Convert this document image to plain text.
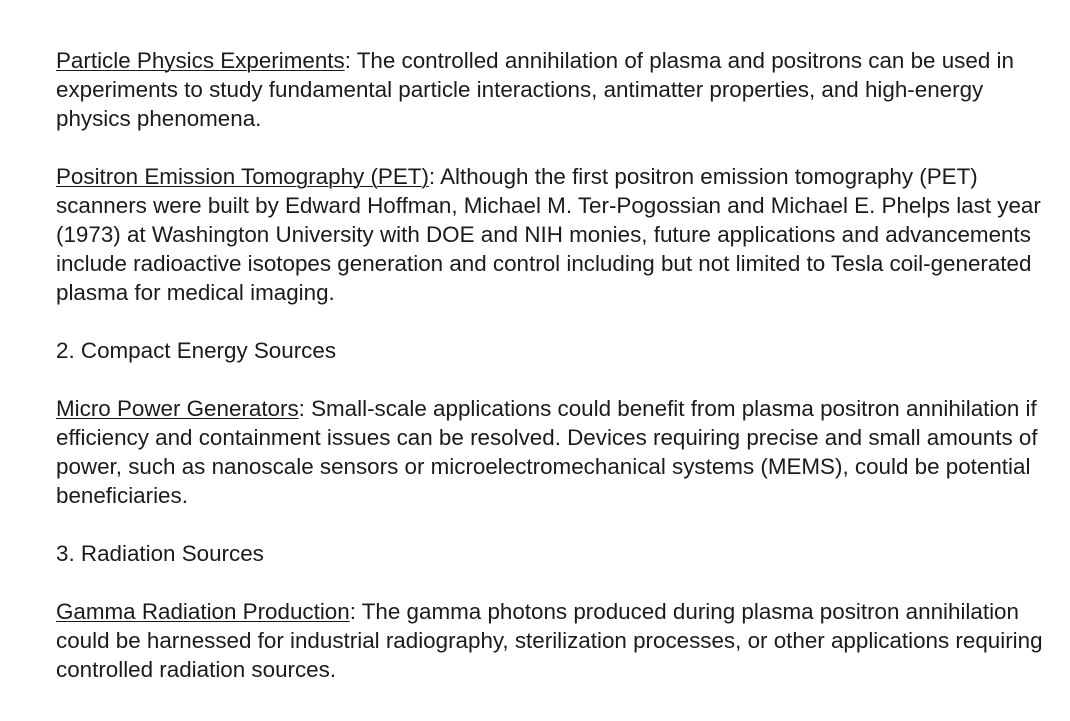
Particle Physics Experiments: The controlled annihilation of plasma and positrons can be used in experiments to study fundamental particle interactions, antimatter properties, and high-energy physics phenomena.

Positron Emission Tomography (PET): Although the first positron emission tomography (PET) scanners were built by Edward Hoffman, Michael M. Ter-Pogossian and Michael E. Phelps last year (1973) at Washington University with DOE and NIH monies, future applications and advancements include radioactive isotopes generation and control including but not limited to Tesla coil-generated plasma for medical imaging.

2. Compact Energy Sources

Micro Power Generators: Small-scale applications could benefit from plasma positron annihilation if efficiency and containment issues can be resolved. Devices requiring precise and small amounts of power, such as nanoscale sensors or microelectromechanical systems (MEMS), could be potential beneficiaries.

3. Radiation Sources

Gamma Radiation Production: The gamma photons produced during plasma positron annihilation could be harnessed for industrial radiography, sterilization processes, or other applications requiring controlled radiation sources.
